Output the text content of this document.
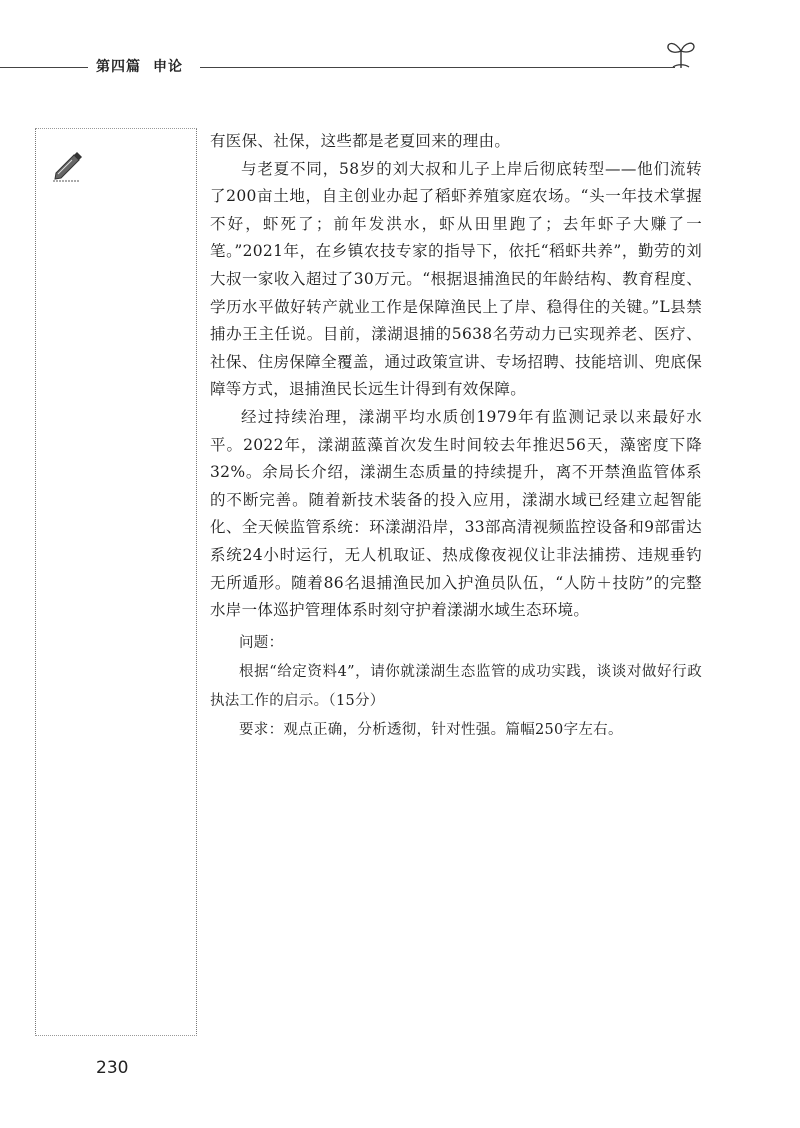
第四篇 申论

有医保、社保，这些都是老夏回来的理由。

与老夏不同，58岁的刘大叔和儿子上岸后彻底转型——他们流转了200亩土地，自主创业办起了稻虾养殖家庭农场。“头一年技术掌握不好，虾死了；前年发洪水，虾从田里跑了；去年虾子大赚了一笔。”2021年，在乡镇农技专家的指导下，依托“稻虾共养”，勤劳的刘大叔一家收入超过了30万元。“根据退捕渔民的年龄结构、教育程度、学历水平做好转产就业工作是保障渔民上了岸、稳得住的关键。”L县禁捕办王主任说。目前，漾湖退捕的5638名劳动力已实现养老、医疗、社保、住房保障全覆盖，通过政策宣讲、专场招聘、技能培训、兜底保障等方式，退捕渔民长远生计得到有效保障。

经过持续治理，漾湖平均水质创1979年有监测记录以来最好水平。2022年，漾湖蓝藻首次发生时间较去年推迟56天，藻密度下降32%。余局长介绍，漾湖生态质量的持续提升，离不开禁渔监管体系的不断完善。随着新技术装备的投入应用，漾湖水域已经建立起智能化、全天候监管系统：环漾湖沿岸，33部高清视频监控设备和9部雷达系统24小时运行，无人机取证、热成像夜视仪让非法捕捞、违规垂钓无所遁形。随着86名退捕渔民加入护渔员队伍，“人防＋技防”的完整水岸一体巡护管理体系时刻守护着漾湖水域生态环境。

问题：

根据“给定资料4”，请你就漾湖生态监管的成功实践，谈谈对做好行政执法工作的启示。（15分）

要求：观点正确，分析透彻，针对性强。篇幅250字左右。

230
